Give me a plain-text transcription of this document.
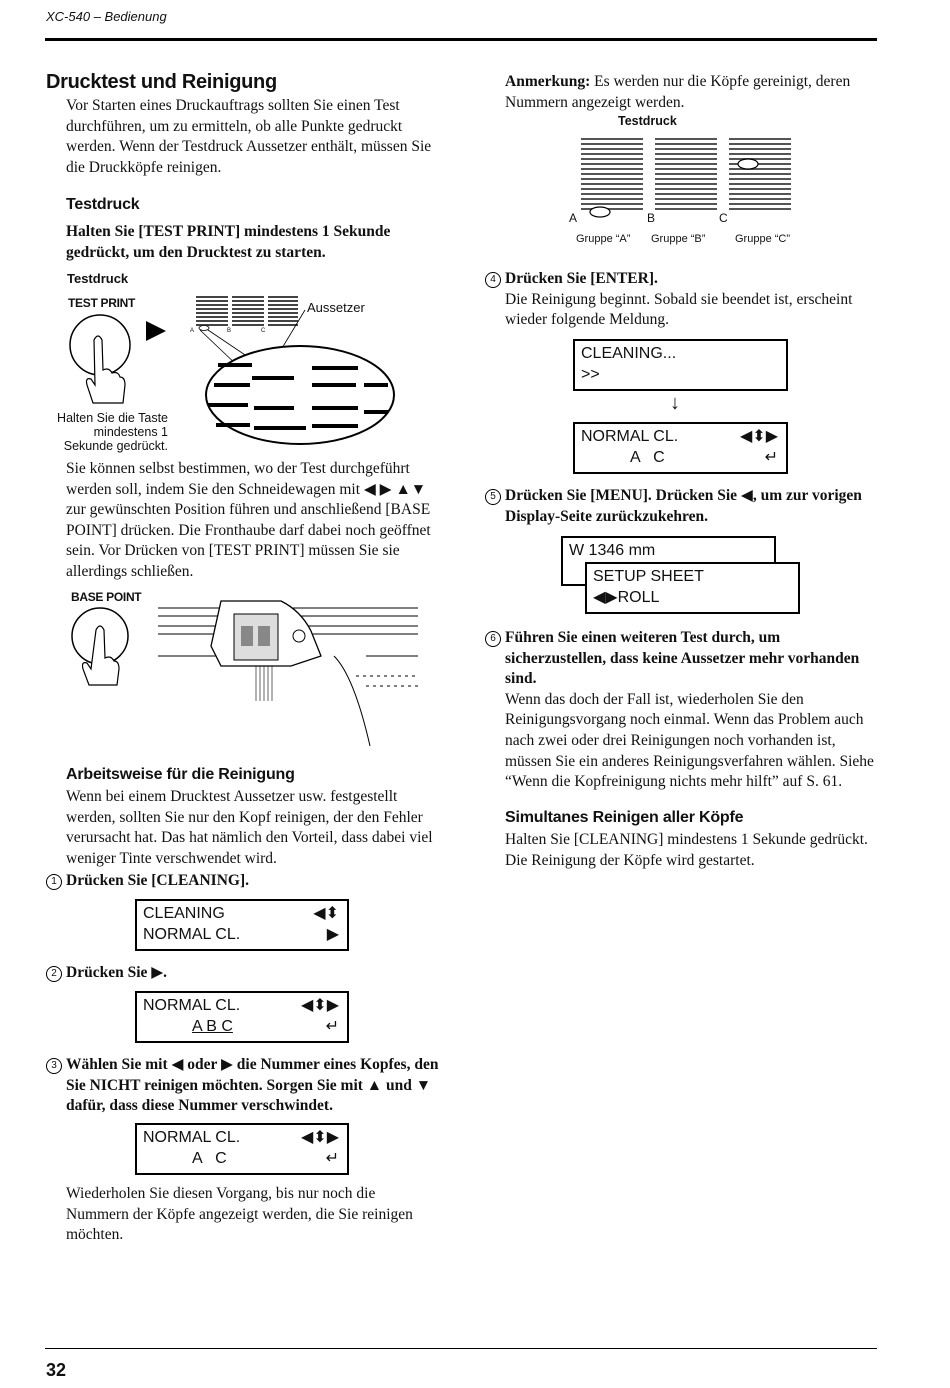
XC-540 – Bedienung
32
Drucktest und Reinigung
Vor Starten eines Druckauftrags sollten Sie einen Test durchführen, um zu ermitteln, ob alle Punkte gedruckt werden. Wenn der Testdruck Aussetzer enthält, müssen Sie die Druckköpfe reinigen.
Testdruck
Halten Sie [TEST PRINT] mindestens 1 Sekunde gedrückt, um den Drucktest zu starten.
Testdruck
TEST PRINT
A	B	C
Aussetzer
Halten Sie die Taste mindestens 1 Sekunde gedrückt.
Sie können selbst bestimmen, wo der Test durchgeführt werden soll, indem Sie den Schneidewagen mit ◀ ▶ ▲▼ zur gewünschten Position führen und anschließend [BASE POINT] drücken. Die Fronthaube darf dabei noch geöffnet sein. Vor Drücken von [TEST PRINT] müssen Sie sie allerdings schließen.
BASE POINT
Arbeitsweise für die Reinigung
Wenn bei einem Drucktest Aussetzer usw. festgestellt werden, sollten Sie nur den Kopf reinigen, der den Fehler verursacht hat. Das hat nämlich den Vorteil, dass dabei viel weniger Tinte verschwendet wird.
1 Drücken Sie [CLEANING].
CLEANING	◀⬍
NORMAL CL.	▶
2 Drücken Sie ▶.
NORMAL CL.	◀⬍▶
A B C	↵
3 Wählen Sie mit ◀ oder ▶ die Nummer eines Kopfes, den Sie NICHT reinigen möchten. Sorgen Sie mit ▲ und ▼ dafür, dass diese Nummer verschwindet.
NORMAL CL.	◀⬍▶
A   C	↵
Wiederholen Sie diesen Vorgang, bis nur noch die Nummern der Köpfe angezeigt werden, die Sie reinigen möchten.
Anmerkung: Es werden nur die Köpfe gereinigt, deren Nummern angezeigt werden.
Testdruck
A	B	C
Gruppe “A” Gruppe “B”	Gruppe “C”
4 Drücken Sie [ENTER].
Die Reinigung beginnt. Sobald sie beendet ist, erscheint wieder folgende Meldung.
CLEANING...
>>
↓
NORMAL CL.	◀⬍▶
A   C	↵
5 Drücken Sie [MENU]. Drücken Sie ◀, um zur vorigen Display-Seite zurückzukehren.
W 1346 mm
SETUP SHEET
◀▶ROLL
6 Führen Sie einen weiteren Test durch, um sicherzustellen, dass keine Aussetzer mehr vorhanden sind.
Wenn das doch der Fall ist, wiederholen Sie den Reinigungsvorgang noch einmal. Wenn das Problem auch nach zwei oder drei Reinigungen noch vorhanden ist, müssen Sie ein anderes Reinigungsverfahren wählen. Siehe “Wenn die Kopfreinigung nichts mehr hilft” auf S. 61.
Simultanes Reinigen aller Köpfe
Halten Sie [CLEANING] mindestens 1 Sekunde gedrückt. Die Reinigung der Köpfe wird gestartet.
